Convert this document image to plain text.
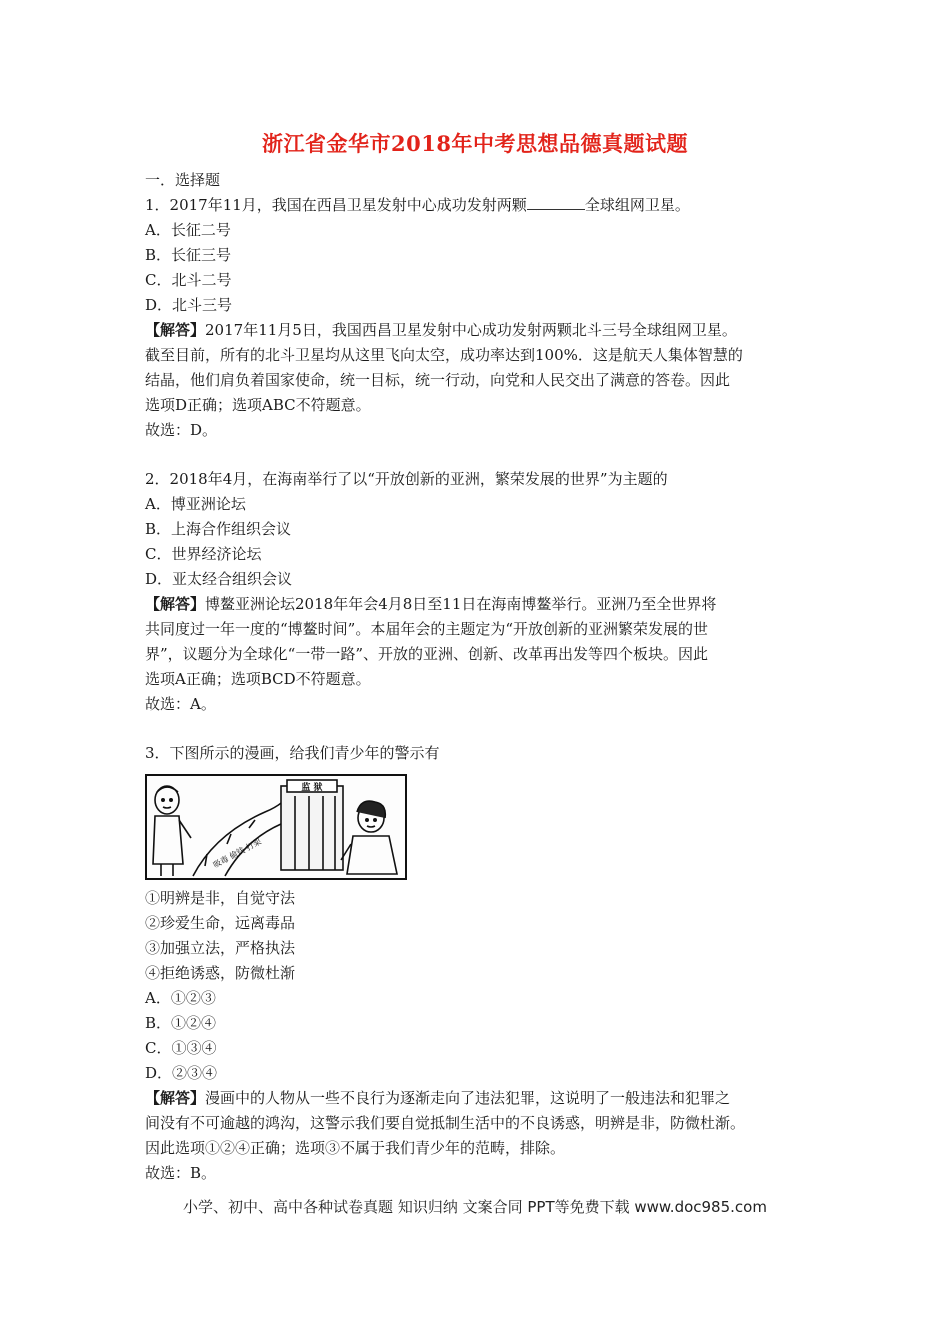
浙江省金华市2018年中考思想品德真题试题
一．选择题
1．2017年11月，我国在西昌卫星发射中心成功发射两颗	全球组网卫星。
A．长征二号
B．长征三号
C．北斗二号
D．北斗三号
【解答】2017年11月5日，我国西昌卫星发射中心成功发射两颗北斗三号全球组网卫星。
截至目前，所有的北斗卫星均从这里飞向太空，成功率达到100%．这是航天人集体智慧的
结晶，他们肩负着国家使命，统一目标，统一行动，向党和人民交出了满意的答卷。因此
选项D正确；选项ABC不符题意。
故选：D。
2．2018年4月，在海南举行了以“开放创新的亚洲，繁荣发展的世界”为主题的
A．博亚洲论坛
B．上海合作组织会议
C．世界经济论坛
D．亚太经合组织会议
【解答】博鳌亚洲论坛2018年年会4月8日至11日在海南博鳌举行。亚洲乃至全世界将
共同度过一年一度的“博鳌时间”。本届年会的主题定为“开放创新的亚洲繁荣发展的世
界”，议题分为全球化“一带一路”、开放的亚洲、创新、改革再出发等四个板块。因此
选项A正确；选项BCD不符题意。
故选：A。
3．下图所示的漫画，给我们青少年的警示有
吸毒 偷钱 打架
监 狱
①明辨是非，自觉守法
②珍爱生命，远离毒品
③加强立法，严格执法
④拒绝诱惑，防微杜渐
A．①②③
B．①②④
C．①③④
D．②③④
【解答】漫画中的人物从一些不良行为逐渐走向了违法犯罪，这说明了一般违法和犯罪之
间没有不可逾越的鸿沟，这警示我们要自觉抵制生活中的不良诱惑，明辨是非，防微杜渐。
因此选项①②④正确；选项③不属于我们青少年的范畴，排除。
故选：B。
小学、初中、高中各种试卷真题 知识归纳 文案合同 PPT等免费下载 www.doc985.com
